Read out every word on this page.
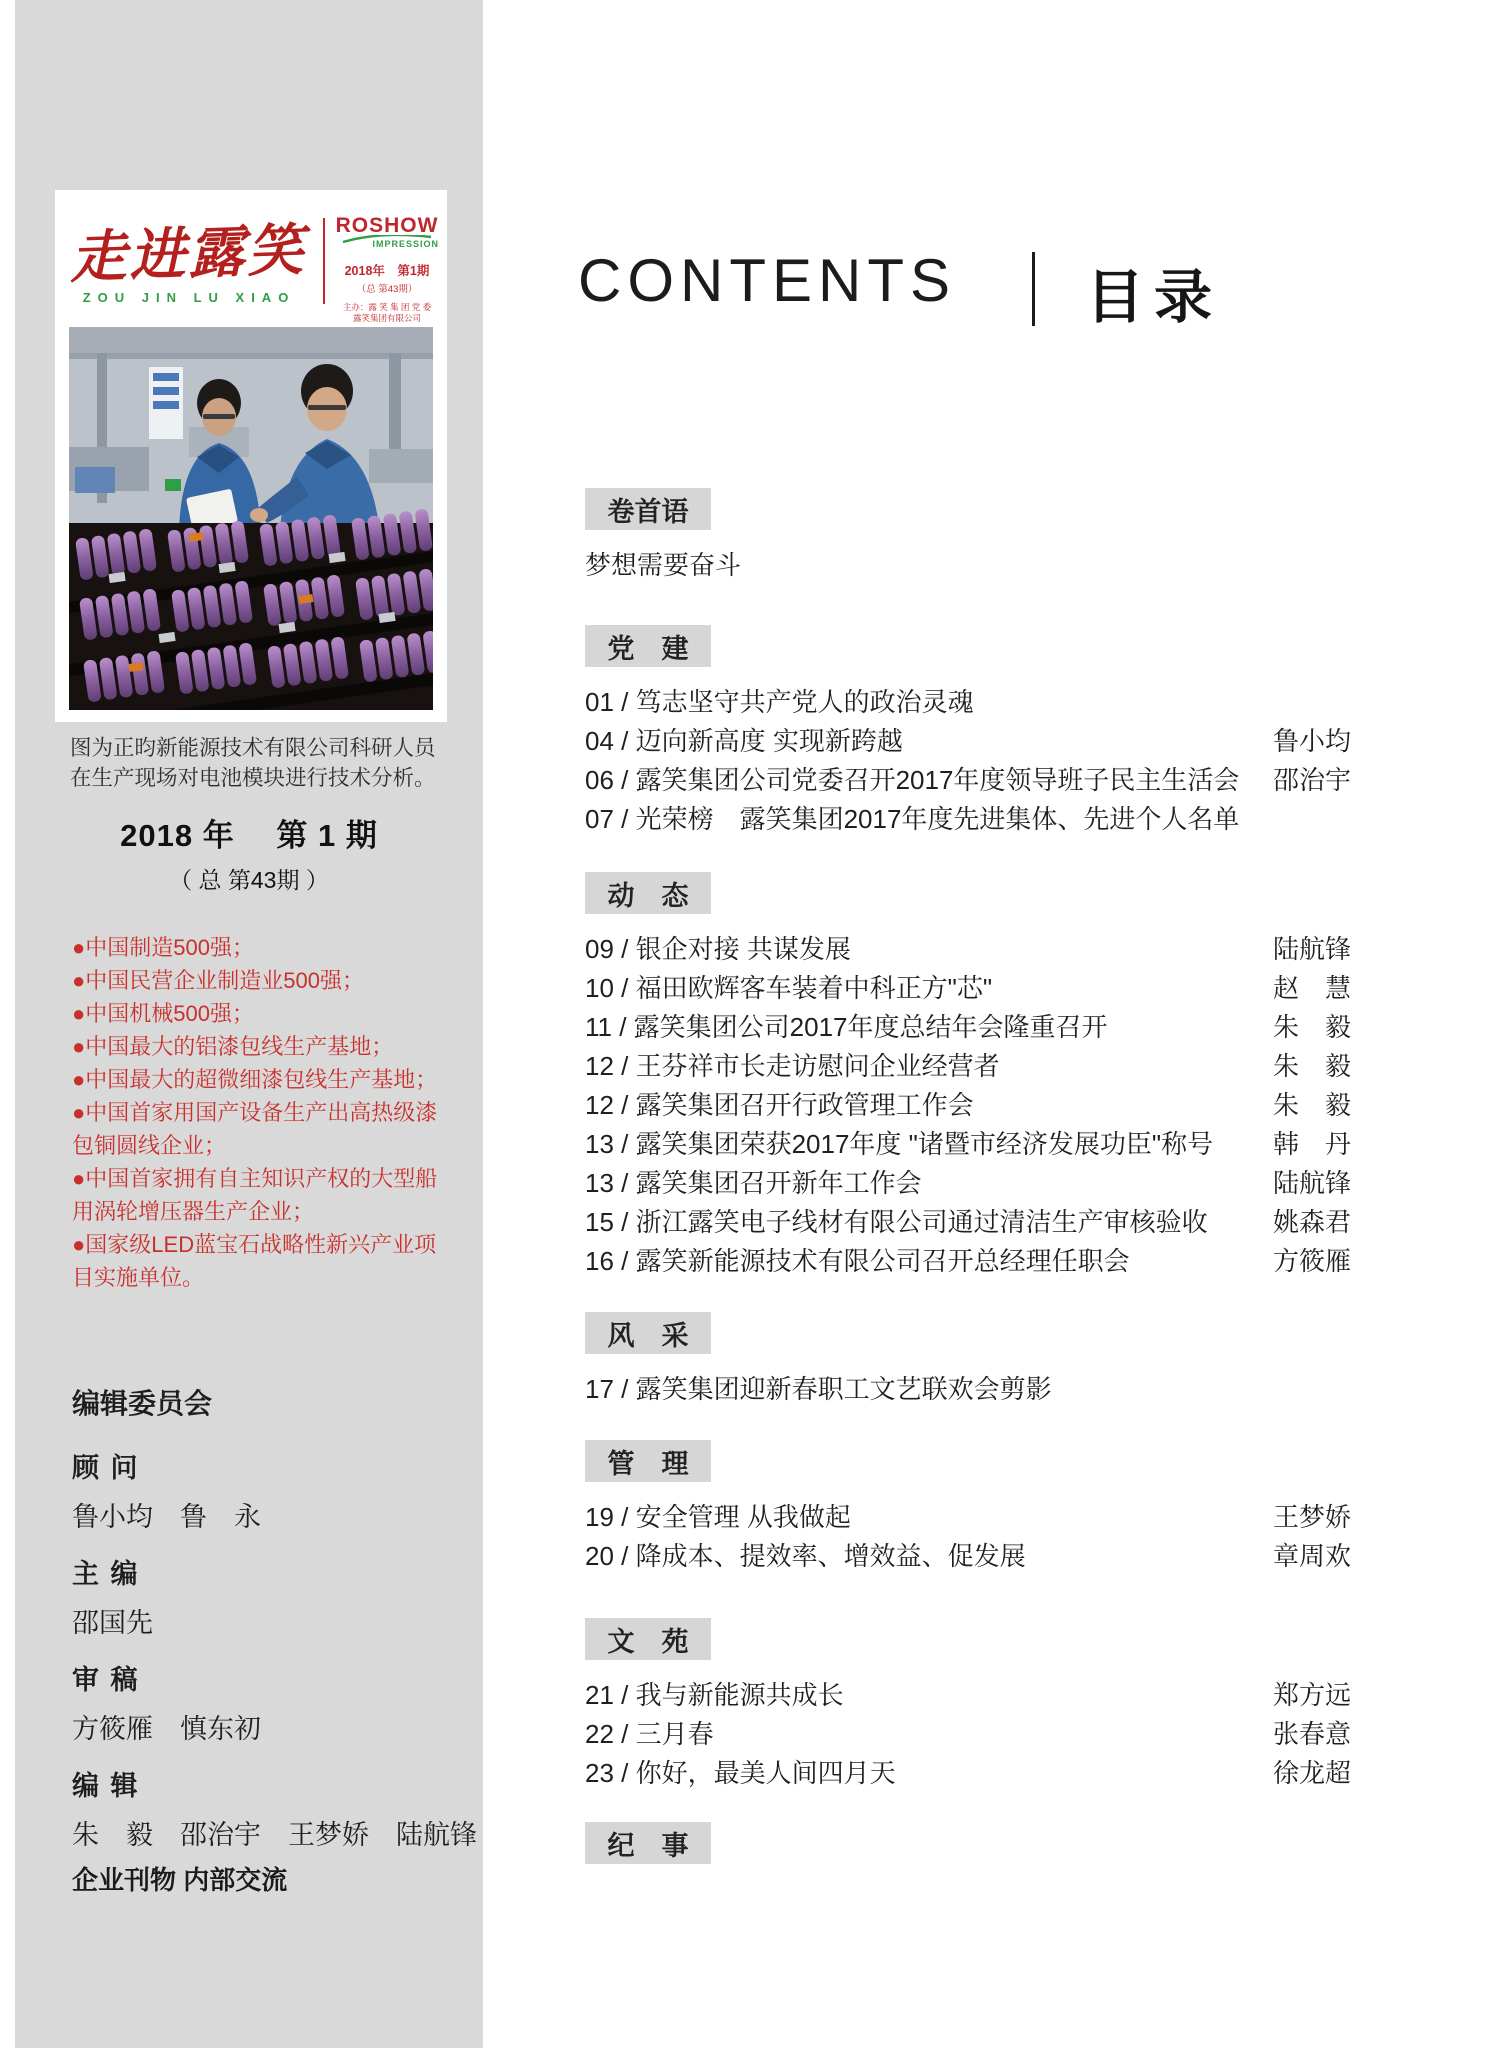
走进露笑
ZOU JIN LU XIAO
ROSHOW
IMPRESSION
2018年　第1期
（总 第43期）
主办：露 笑 集 团 党 委
露笑集团有限公司
图为正昀新能源技术有限公司科研人员在生产现场对电池模块进行技术分析。
2018 年　 第 1 期
（ 总 第43期 ）
●中国制造500强；
●中国民营企业制造业500强；
●中国机械500强；
●中国最大的铝漆包线生产基地；
●中国最大的超微细漆包线生产基地；
●中国首家用国产设备生产出高热级漆包铜圆线企业；
●中国首家拥有自主知识产权的大型船用涡轮增压器生产企业；
●国家级LED蓝宝石战略性新兴产业项目实施单位。
编辑委员会
顾 问
鲁小均　鲁　永
主 编
邵国先
审 稿
方筱雁　慎东初
编 辑
朱　毅　邵治宇　王梦娇　陆航锋
企业刊物 内部交流
CONTENTS 目录
卷首语
梦想需要奋斗
党　建
01 / 笃志坚守共产党人的政治灵魂
04 / 迈向新高度 实现新跨越	鲁小均
06 / 露笑集团公司党委召开2017年度领导班子民主生活会 邵治宇
07 / 光荣榜　露笑集团2017年度先进集体、先进个人名单
动　态
09 / 银企对接 共谋发展	陆航锋
10 / 福田欧辉客车装着中科正方"芯"	赵　慧
11 / 露笑集团公司2017年度总结年会隆重召开	朱　毅
12 / 王芬祥市长走访慰问企业经营者	朱　毅
12 / 露笑集团召开行政管理工作会	朱　毅
13 / 露笑集团荣获2017年度 "诸暨市经济发展功臣"称号 韩　丹
13 / 露笑集团召开新年工作会	陆航锋
15 / 浙江露笑电子线材有限公司通过清洁生产审核验收	姚森君
16 / 露笑新能源技术有限公司召开总经理任职会	方筱雁
风　采
17 / 露笑集团迎新春职工文艺联欢会剪影
管　理
19 / 安全管理 从我做起	王梦娇
20 / 降成本、提效率、增效益、促发展	章周欢
文　苑
21 / 我与新能源共成长	郑方远
22 / 三月春	张春意
23 / 你好，最美人间四月天	徐龙超
纪　事
